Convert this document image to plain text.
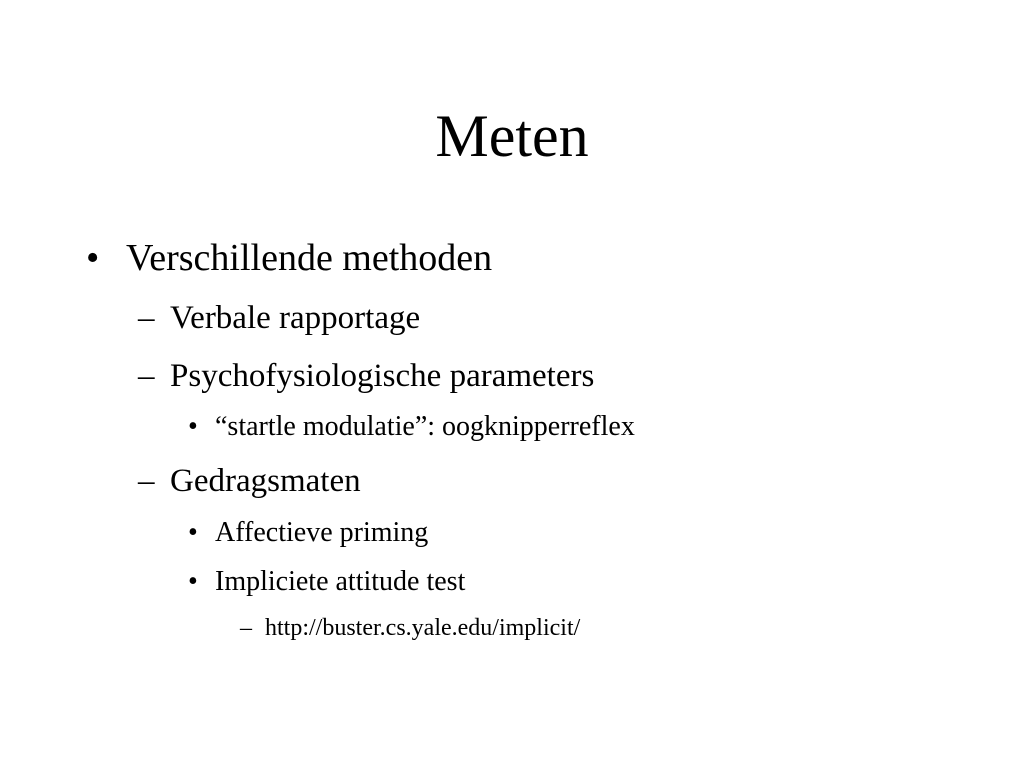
Meten
• Verschillende methoden
– Verbale rapportage
– Psychofysiologische parameters
• “startle modulatie”: oogknipperreflex
– Gedragsmaten
• Affectieve priming
• Impliciete attitude test
– http://buster.cs.yale.edu/implicit/
